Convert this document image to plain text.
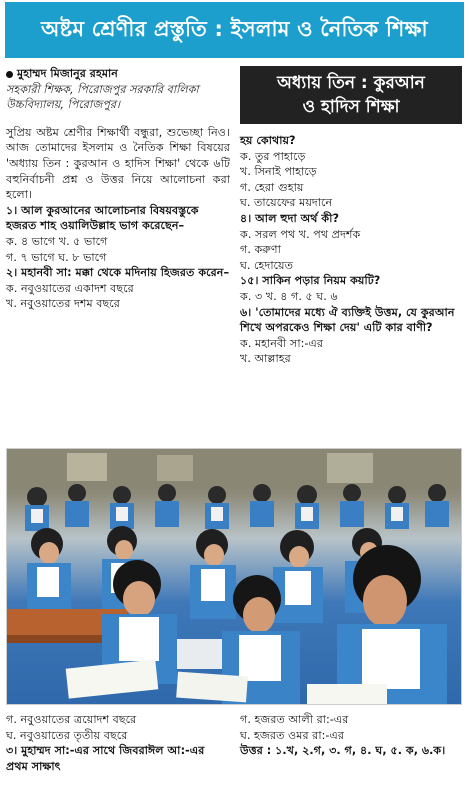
অষ্টম শ্রেণীর প্রস্তুতি : ইসলাম ও নৈতিক শিক্ষা
মুহাম্মদ মিজানুর রহমান
সহকারী শিক্ষক, পিরোজপুর সরকারি বালিকা উচ্চবিদ্যালয়, পিরোজপুর।

সুপ্রিয় অষ্টম শ্রেণীর শিক্ষার্থী বন্ধুরা, শুভেচ্ছা নিও। আজ তোমাদের ইসলাম ও নৈতিক শিক্ষা বিষয়ের 'অধ্যায় তিন : কুরআন ও হাদিস শিক্ষা' থেকে ৬টি বহুনির্বাচনী প্রশ্ন ও উত্তর নিয়ে আলোচনা করা হলো।

১। আল কুরআনের আলোচনার বিষয়বস্তুকে হজরত শাহ ওয়ালিউল্লাহ ভাগ করেছেন–
ক. ৪ ভাগে খ. ৫ ভাগে
গ. ৭ ভাগে ঘ. ৮ ভাগে
২। মহানবী সা: মক্কা থেকে মদিনায় হিজরত করেন–
ক. নবুওয়াতের একাদশ বছরে
খ. নবুওয়াতের দশম বছরে
অধ্যায় তিন : কুরআন
ও হাদিস শিক্ষা
হয় কোথায়?
ক. তুর পাহাড়ে
খ. সিনাই পাহাড়ে
গ. হেরা গুহায়
ঘ. তায়েফের ময়দানে
৪। আল হুদা অর্থ কী?
ক. সরল পথ খ. পথ প্রদর্শক
গ. করুণা
ঘ. হেদায়েত
১৫। সাকিন পড়ার নিয়ম কয়টি?
ক. ৩ খ. ৪ গ. ৫ ঘ. ৬
৬। 'তোমাদের মধ্যে ঐ ব্যক্তিই উত্তম, যে কুরআন শিখে অপরকেও শিক্ষা দেয়' এটি কার বাণী?
ক. মহানবী সা:-এর
খ. আল্লাহর
গ. নবুওয়াতের ত্রয়োদশ বছরে
ঘ. নবুওয়াতের তৃতীয় বছরে
৩। মুহাম্মদ সা:-এর সাথে জিবরাঈল আ:-এর প্রথম সাক্ষাৎ
গ. হজরত আলী রা:-এর
ঘ. হজরত ওমর রা:-এর
উত্তর : ১.খ, ২.গ, ৩. গ, ৪. ঘ, ৫. ক, ৬.ক।
